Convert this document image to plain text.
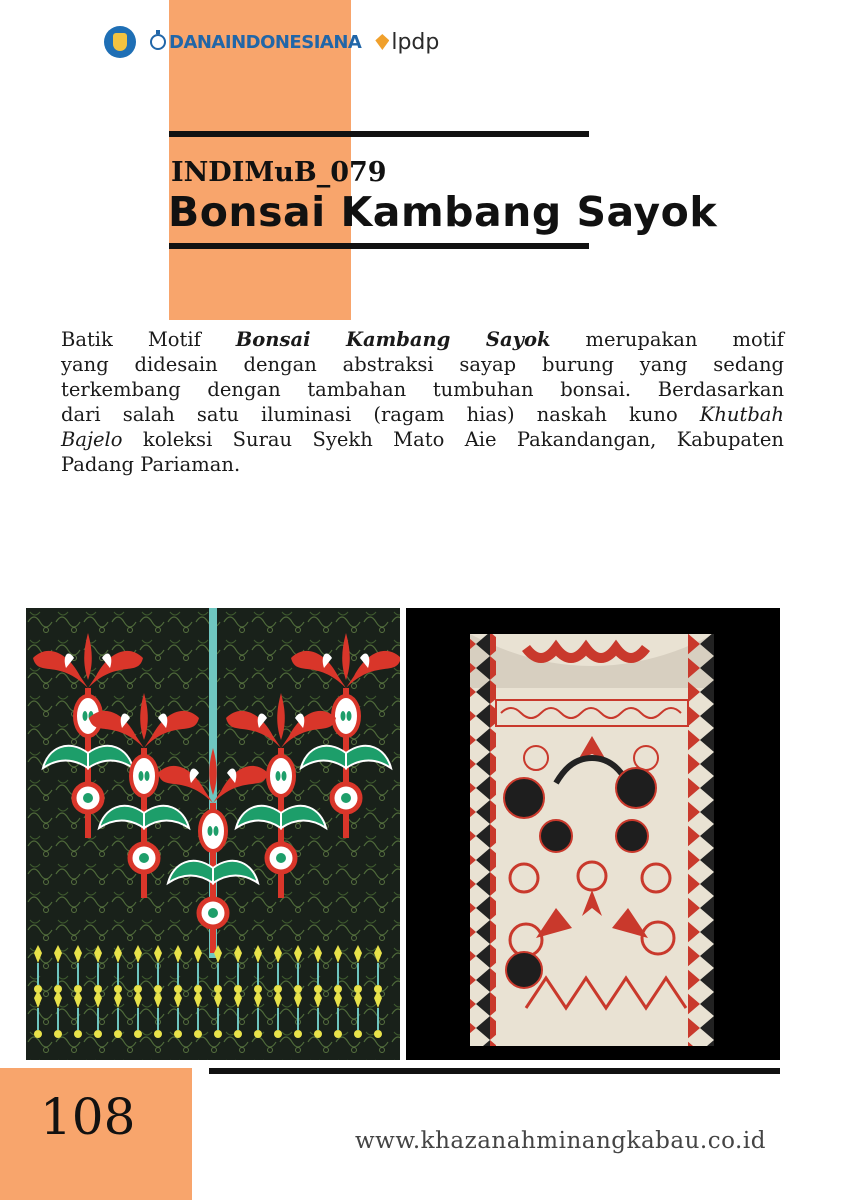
DANAINDONESIANA lpdp
INDIMuB_079
Bonsai Kambang Sayok
Batik Motif Bonsai Kambang Sayok merupakan motif
yang didesain dengan abstraksi sayap burung yang sedang
terkembang dengan tambahan tumbuhan bonsai. Berdasarkan
dari salah satu iluminasi (ragam hias) naskah kuno Khutbah
Bajelo koleksi Surau Syekh Mato Aie Pakandangan, Kabupaten
Padang Pariaman.
108	www.khazanahminangkabau.co.id
